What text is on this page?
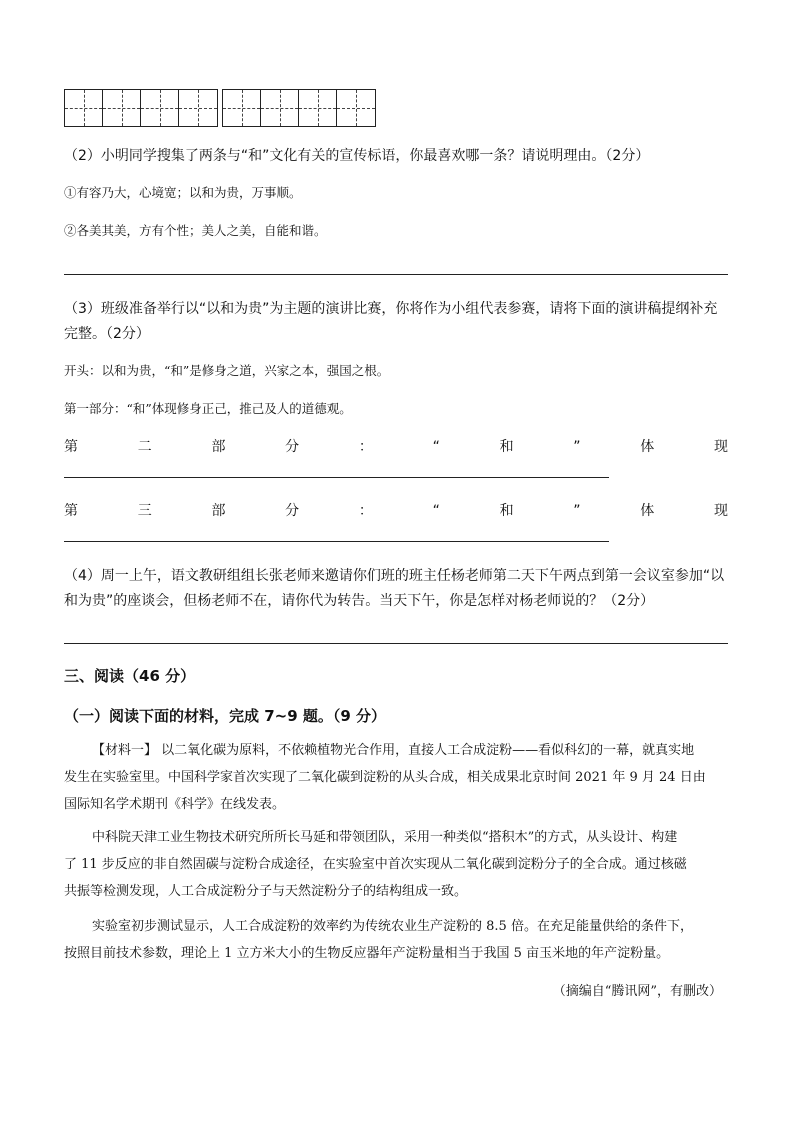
（2）小明同学搜集了两条与“和”文化有关的宣传标语，你最喜欢哪一条？请说明理由。（2分）
①有容乃大，心境宽；以和为贵，万事顺。
②各美其美，方有个性；美人之美，自能和谐。
（3）班级准备举行以“以和为贵”为主题的演讲比赛，你将作为小组代表参赛，请将下面的演讲稿提纲补充
完整。（2分）
开头：以和为贵，“和”是修身之道，兴家之本，强国之根。
第一部分：“和”体现修身正己，推己及人的道德观。
第	二	部	分	：	“	和	”	体	现
第	三	部	分	：	“	和	”	体	现
（4）周一上午，语文教研组组长张老师来邀请你们班的班主任杨老师第二天下午两点到第一会议室参加“以
和为贵”的座谈会，但杨老师不在，请你代为转告。当天下午，你是怎样对杨老师说的？（2分）
三、阅读（46 分）
（一）阅读下面的材料，完成 7~9 题。（9 分）
【材料一】 以二氧化碳为原料，不依赖植物光合作用，直接人工合成淀粉——看似科幻的一幕，就真实地
发生在实验室里。中国科学家首次实现了二氧化碳到淀粉的从头合成，相关成果北京时间 2021 年 9 月 24 日由
国际知名学术期刊《科学》在线发表。
中科院天津工业生物技术研究所所长马延和带领团队，采用一种类似“搭积木”的方式，从头设计、构建
了 11 步反应的非自然固碳与淀粉合成途径，在实验室中首次实现从二氧化碳到淀粉分子的全合成。通过核磁
共振等检测发现，人工合成淀粉分子与天然淀粉分子的结构组成一致。
实验室初步测试显示，人工合成淀粉的效率约为传统农业生产淀粉的 8.5 倍。在充足能量供给的条件下，
按照目前技术参数，理论上 1 立方米大小的生物反应器年产淀粉量相当于我国 5 亩玉米地的年产淀粉量。
（摘编自“腾讯网”，有删改）
